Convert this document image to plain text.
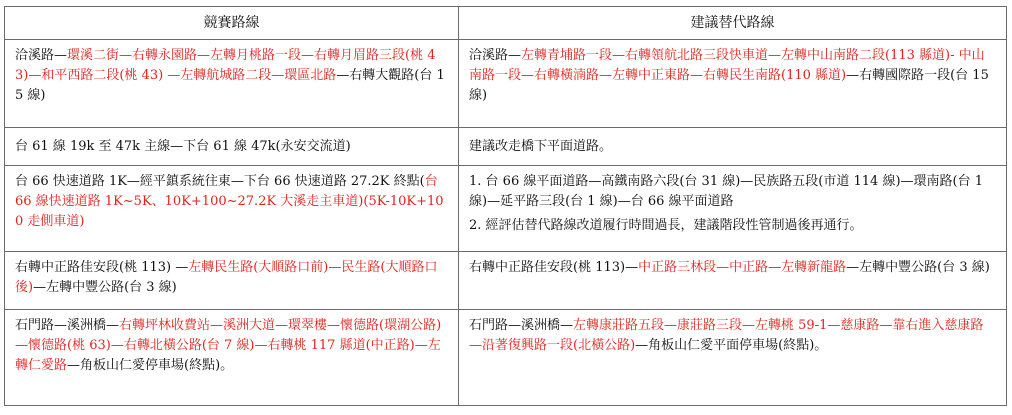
競賽路線	建議替代路線
洽溪路—環溪二街—右轉永園路—左轉月桃路一段—右轉月眉路三段(桃 43)—和平西路二段(桃 43) —左轉航城路二段—環區北路—右轉大觀路(台 15 線)	洽溪路—左轉青埔路一段—右轉領航北路三段快車道—左轉中山南路二段(113 縣道)- 中山南路一段—右轉橫湳路—左轉中正東路—右轉民生南路(110 縣道)—右轉國際路一段(台 15 線)
台 61 線 19k 至 47k 主線—下台 61 線 47k(永安交流道)	建議改走橋下平面道路。
台 66 快速道路 1K—經平鎮系統往東—下台 66 快速道路 27.2K 終點(台 66 線快速道路 1K~5K、10K+100~27.2K 大溪走主車道)(5K-10K+100 走側車道)	1. 台 66 線平面道路—高鐵南路六段(台 31 線)—民族路五段(市道 114 線)—環南路(台 1 線)—延平路三段(台 1 線)—台 66 線平面道路
2. 經評估替代路線改道履行時間過長，建議階段性管制過後再通行。

右轉中正路佳安段(桃 113) —左轉民生路(大順路口前)—民生路(大順路口後)—左轉中豐公路(台 3 線)	右轉中正路佳安段(桃 113)—中正路三林段—中正路—左轉新龍路—左轉中豐公路(台 3 線)
石門路—溪洲橋—右轉坪林收費站—溪洲大道—環翠樓—懷德路(環湖公路)—懷德路(桃 63)—右轉北橫公路(台 7 線)—右轉桃 117 縣道(中正路)—左轉仁愛路—角板山仁愛停車場(終點)。	石門路—溪洲橋—左轉康莊路五段—康莊路三段—左轉桃 59-1—慈康路—靠右進入慈康路—沿著復興路一段(北橫公路)—角板山仁愛平面停車場(終點)。
